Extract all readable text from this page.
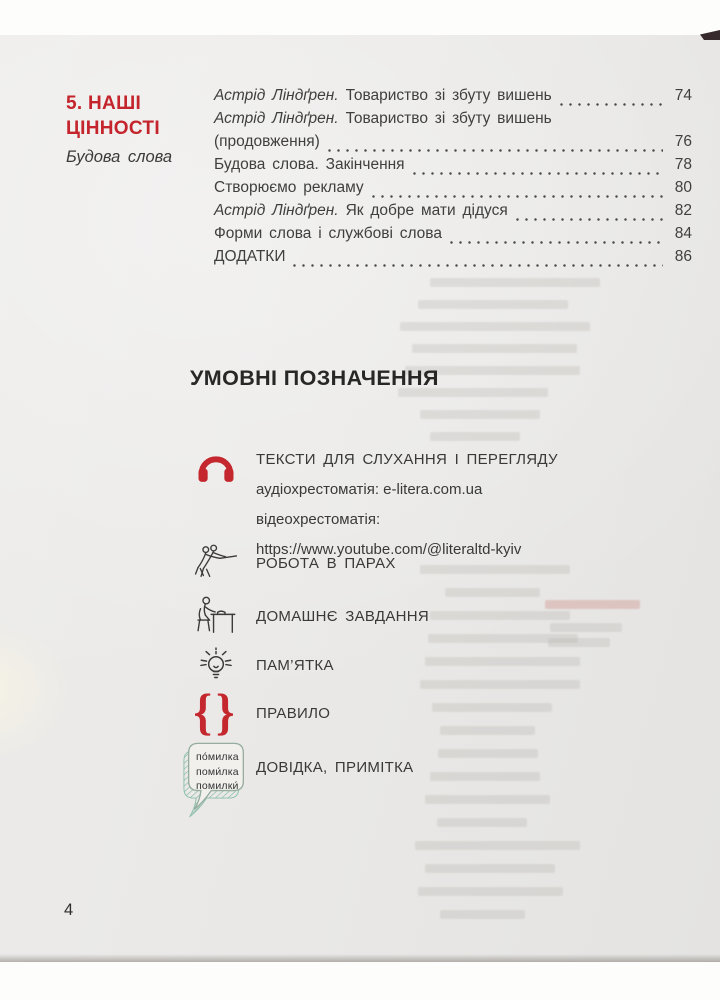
5. НАШІ
ЦІННОСТІ
Будова слова
Астрід Ліндґрен. Товариство зі збуту вишень	74
Астрід Ліндґрен. Товариство зі збуту вишень
(продовження)	76
Будова слова. Закінчення	78
Створюємо рекламу	80
Астрід Ліндґрен. Як добре мати дідуся	82
Форми слова і службові слова	84
ДОДАТКИ	86
УМОВНІ ПОЗНАЧЕННЯ
ТЕКСТИ ДЛЯ СЛУХАННЯ І ПЕРЕГЛЯДУ
аудіохрестоматія: e-litera.com.ua
відеохрестоматія:
https://www.youtube.com/@literaltd-kyiv
РОБОТА В ПАРАХ
ДОМАШНЄ ЗАВДАННЯ
ПАМ’ЯТКА
{} ПРАВИЛО
по́милка
поми́лка
помилки́
ДОВІДКА, ПРИМІТКА
4
